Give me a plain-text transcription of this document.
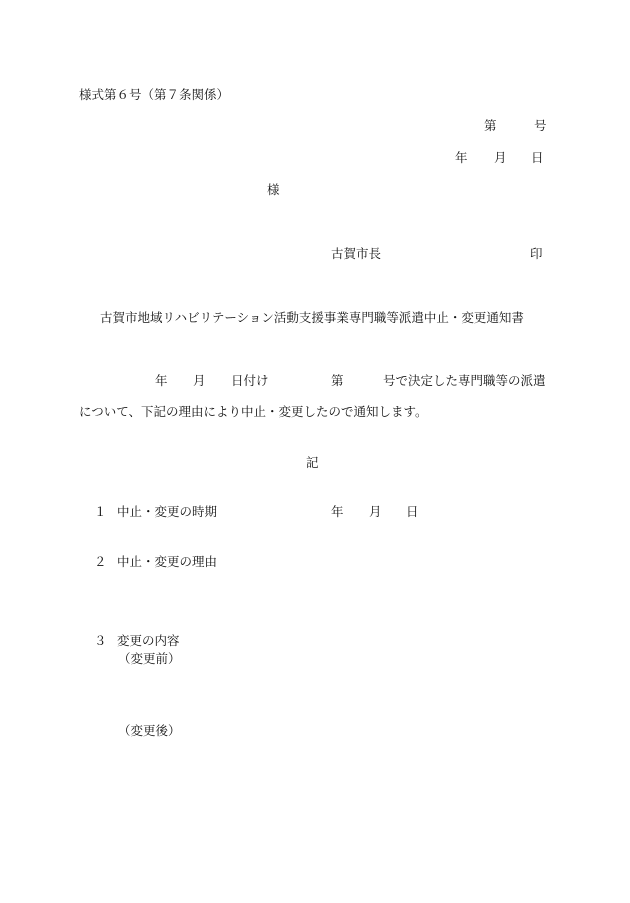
様式第６号（第７条関係）
第	号
年 月 日
様
古賀市長	印
古賀市地域リハビリテーション活動支援事業専門職等派遣中止・変更通知書
年 月 日付け	第	号で決定した専門職等の派遣
について、下記の理由により中止・変更したので通知します。
記
１ 中止・変更の時期	年 月 日
２ 中止・変更の理由
３ 変更の内容
（変更前）
（変更後）
